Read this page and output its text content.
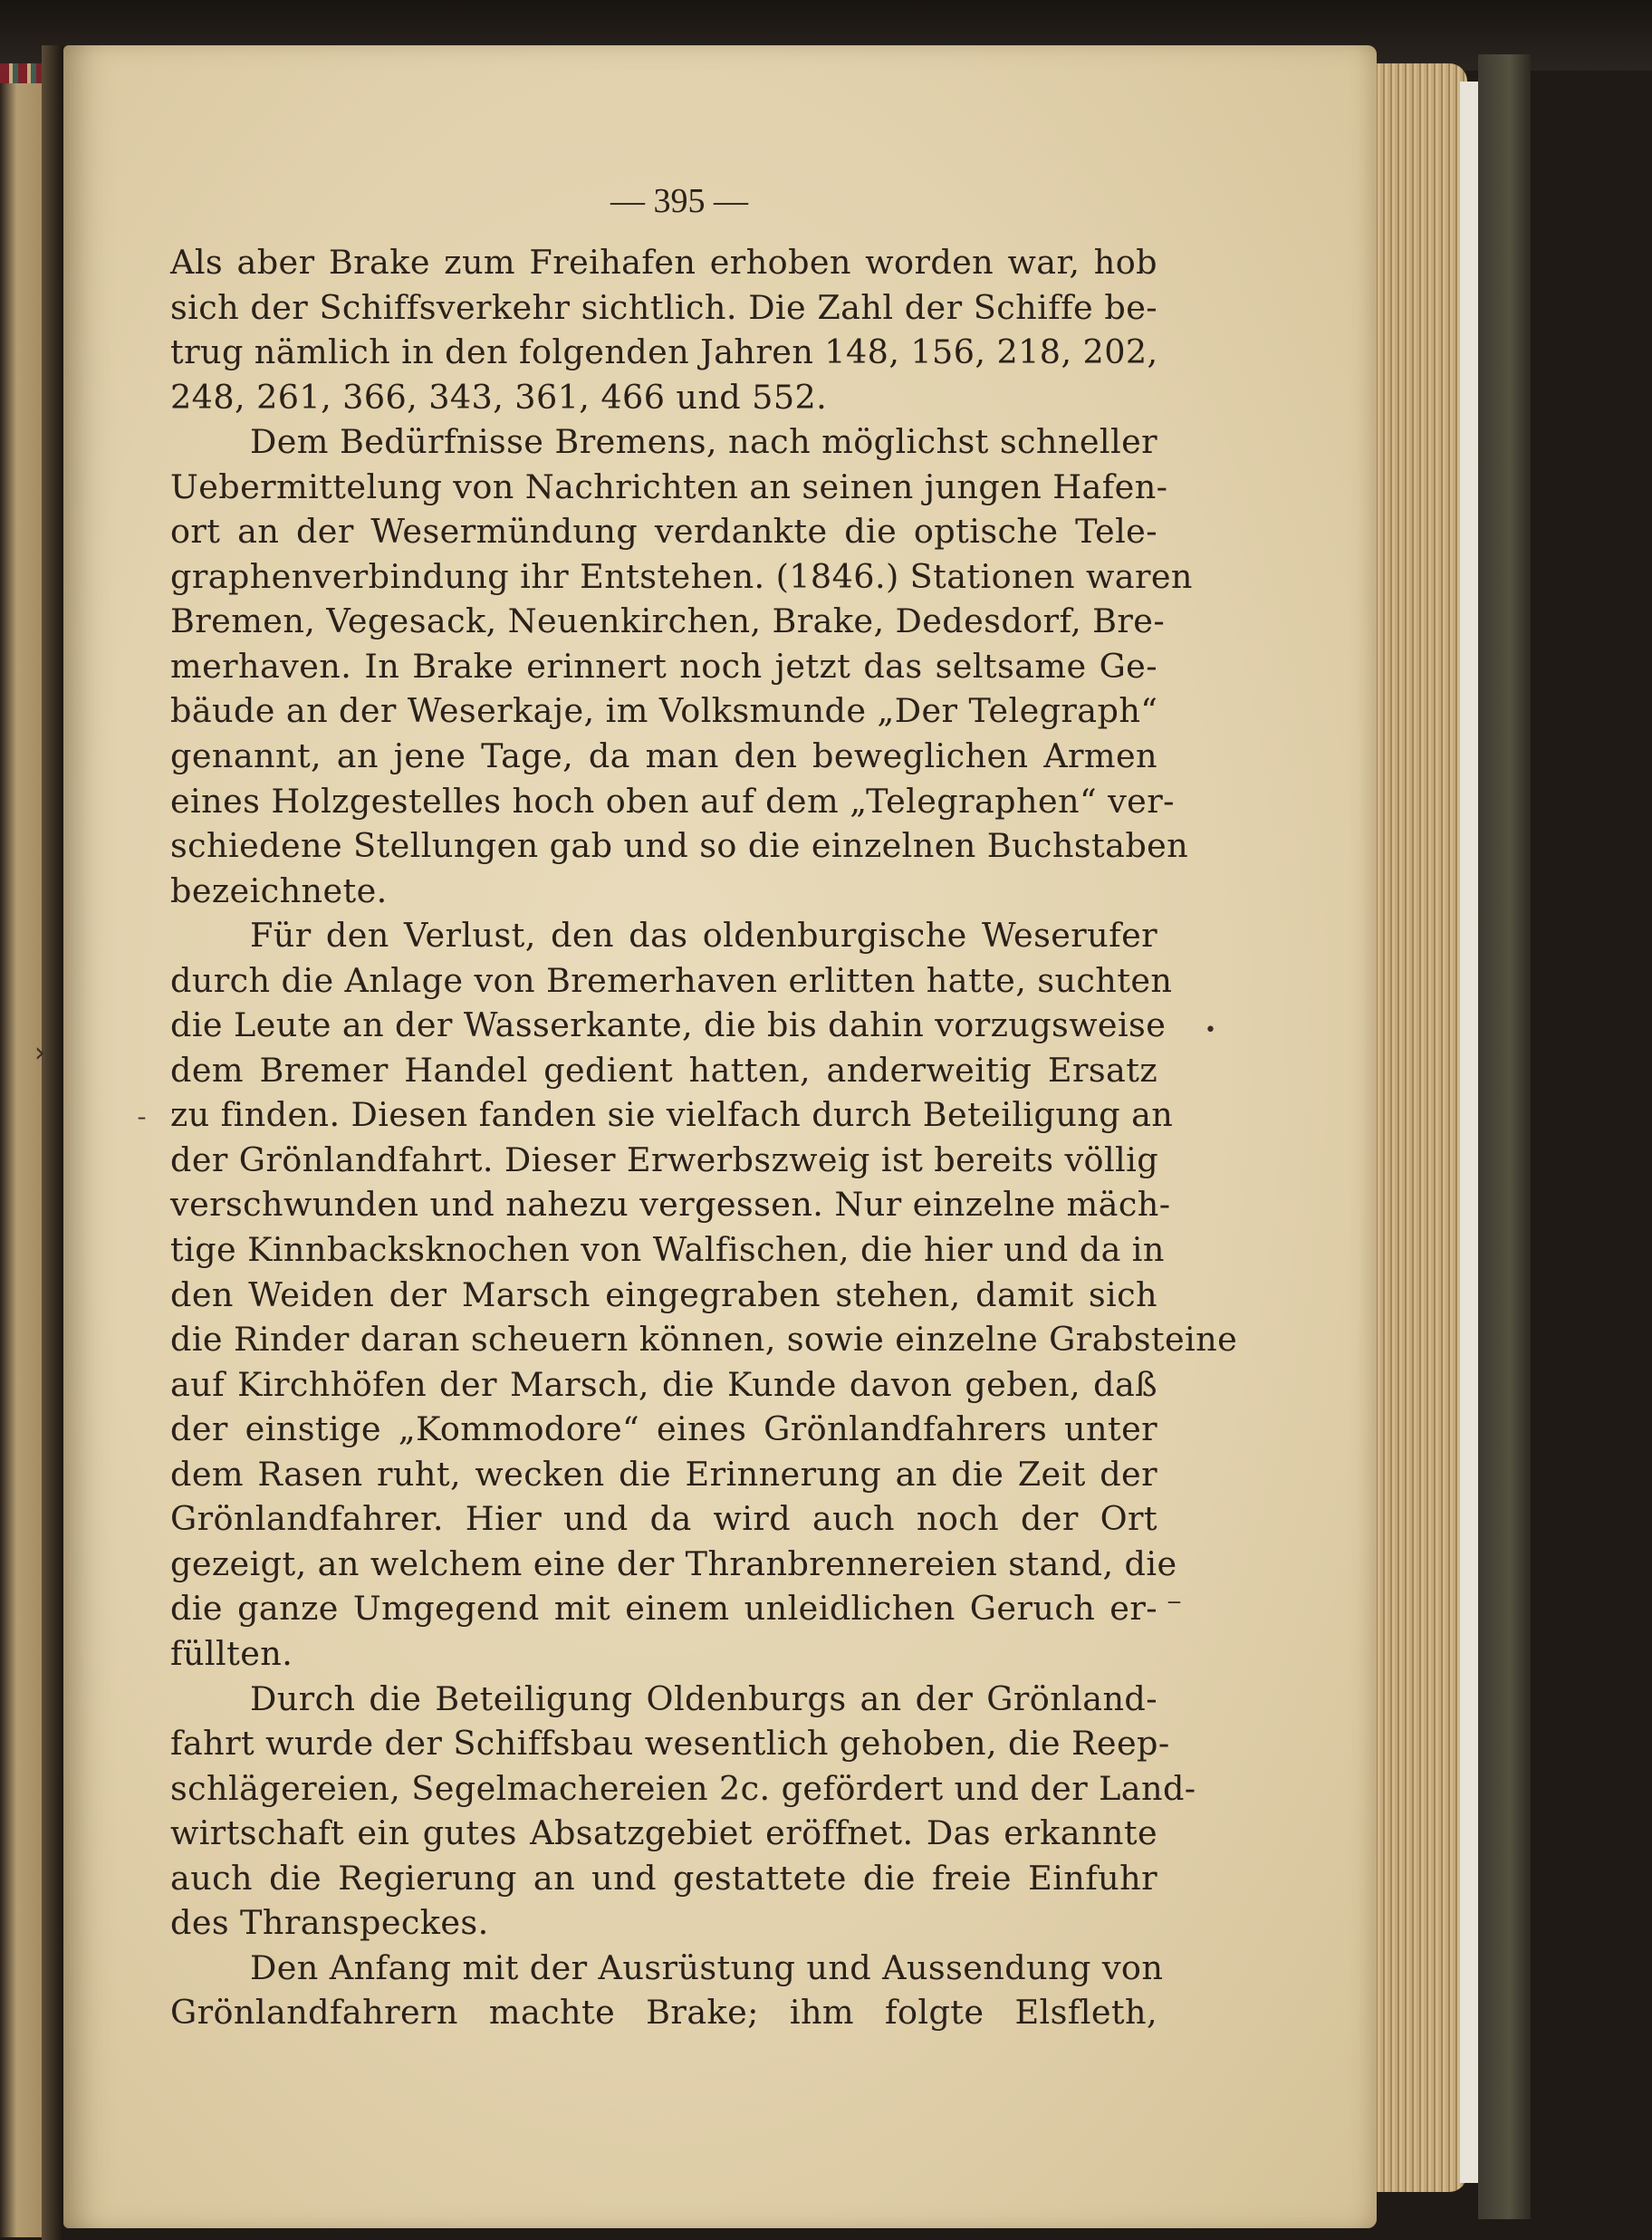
— 395 —
Als aber Brake zum Freihafen erhoben worden war, hob
sich der Schiffsverkehr sichtlich. Die Zahl der Schiffe be-
trug nämlich in den folgenden Jahren 148, 156, 218, 202,
248, 261, 366, 343, 361, 466 und 552.
Dem Bedürfnisse Bremens, nach möglichst schneller
Uebermittelung von Nachrichten an seinen jungen Hafen-
ort an der Wesermündung verdankte die optische Tele-
graphenverbindung ihr Entstehen. (1846.) Stationen waren
Bremen, Vegesack, Neuenkirchen, Brake, Dedesdorf, Bre-
merhaven. In Brake erinnert noch jetzt das seltsame Ge-
bäude an der Weserkaje, im Volksmunde „Der Telegraph“
genannt, an jene Tage, da man den beweglichen Armen
eines Holzgestelles hoch oben auf dem „Telegraphen“ ver-
schiedene Stellungen gab und so die einzelnen Buchstaben
bezeichnete.
Für den Verlust, den das oldenburgische Weserufer
durch die Anlage von Bremerhaven erlitten hatte, suchten
die Leute an der Wasserkante, die bis dahin vorzugsweise
dem Bremer Handel gedient hatten, anderweitig Ersatz
zu finden. Diesen fanden sie vielfach durch Beteiligung an
der Grönlandfahrt. Dieser Erwerbszweig ist bereits völlig
verschwunden und nahezu vergessen. Nur einzelne mäch-
tige Kinnbacksknochen von Walfischen, die hier und da in
den Weiden der Marsch eingegraben stehen, damit sich
die Rinder daran scheuern können, sowie einzelne Grabsteine
auf Kirchhöfen der Marsch, die Kunde davon geben, daß
der einstige „Kommodore“ eines Grönlandfahrers unter
dem Rasen ruht, wecken die Erinnerung an die Zeit der
Grönlandfahrer. Hier und da wird auch noch der Ort
gezeigt, an welchem eine der Thranbrennereien stand, die
die ganze Umgegend mit einem unleidlichen Geruch er-
füllten.
Durch die Beteiligung Oldenburgs an der Grönland-
fahrt wurde der Schiffsbau wesentlich gehoben, die Reep-
schlägereien, Segelmachereien 2c. gefördert und der Land-
wirtschaft ein gutes Absatzgebiet eröffnet. Das erkannte
auch die Regierung an und gestattete die freie Einfuhr
des Thranspeckes.
Den Anfang mit der Ausrüstung und Aussendung von
Grönlandfahrern machte Brake; ihm folgte Elsfleth,
›
¯
•
‾
